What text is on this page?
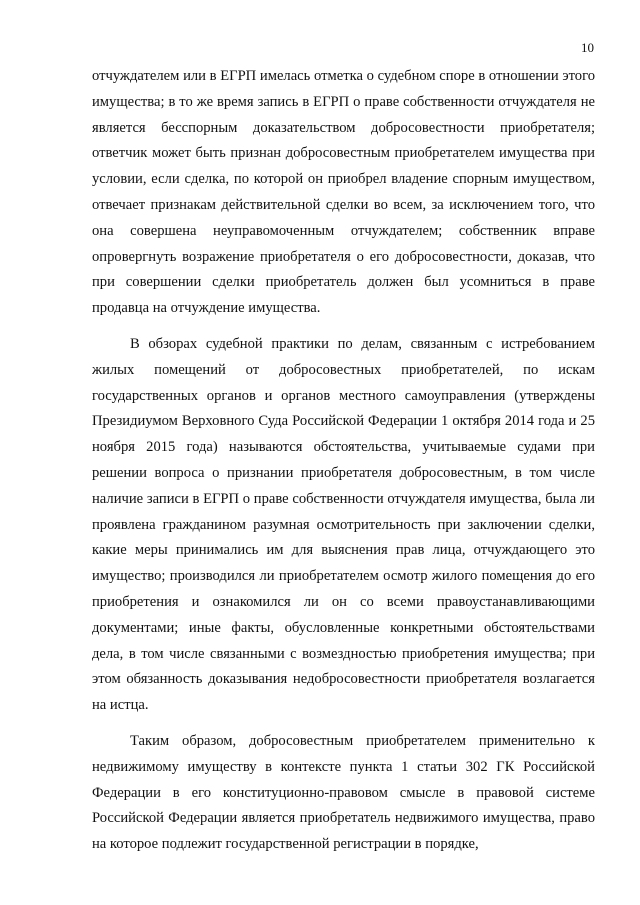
10

отчуждателем или в ЕГРП имелась отметка о судебном споре в отношении этого имущества; в то же время запись в ЕГРП о праве собственности отчуждателя не является бесспорным доказательством добросовестности приобретателя; ответчик может быть признан добросовестным приобретателем имущества при условии, если сделка, по которой он приобрел владение спорным имуществом, отвечает признакам действительной сделки во всем, за исключением того, что она совершена неуправомоченным отчуждателем; собственник вправе опровергнуть возражение приобретателя о его добросовестности, доказав, что при совершении сделки приобретатель должен был усомниться в праве продавца на отчуждение имущества.

В обзорах судебной практики по делам, связанным с истребованием жилых помещений от добросовестных приобретателей, по искам государственных органов и органов местного самоуправления (утверждены Президиумом Верховного Суда Российской Федерации 1 октября 2014 года и 25 ноября 2015 года) называются обстоятельства, учитываемые судами при решении вопроса о признании приобретателя добросовестным, в том числе наличие записи в ЕГРП о праве собственности отчуждателя имущества, была ли проявлена гражданином разумная осмотрительность при заключении сделки, какие меры принимались им для выяснения прав лица, отчуждающего это имущество; производился ли приобретателем осмотр жилого помещения до его приобретения и ознакомился ли он со всеми правоустанавливающими документами; иные факты, обусловленные конкретными обстоятельствами дела, в том числе связанными с возмездностью приобретения имущества; при этом обязанность доказывания недобросовестности приобретателя возлагается на истца.

Таким образом, добросовестным приобретателем применительно к недвижимому имуществу в контексте пункта 1 статьи 302 ГК Российской Федерации в его конституционно-правовом смысле в правовой системе Российской Федерации является приобретатель недвижимого имущества, право на которое подлежит государственной регистрации в порядке,
